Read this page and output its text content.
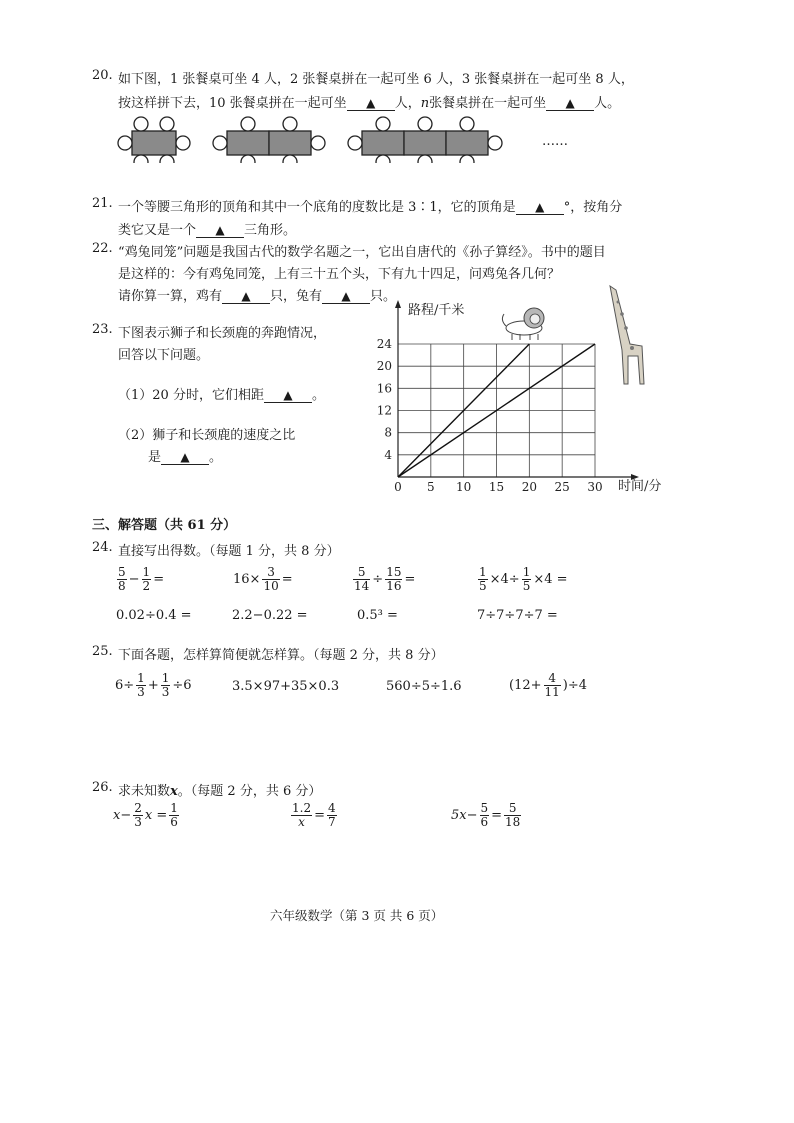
20. 如下图，1 张餐桌可坐 4 人，2 张餐桌拼在一起可坐 6 人，3 张餐桌拼在一起可坐 8 人，
按这样拼下去，10 张餐桌拼在一起可坐 ▲ 人，n张餐桌拼在一起可坐 ▲ 人。
……
21. 一个等腰三角形的顶角和其中一个底角的度数比是 3∶1，它的顶角是 ▲ °，按角分
类它又是一个 ▲ 三角形。
22. “鸡兔同笼”问题是我国古代的数学名题之一，它出自唐代的《孙子算经》。书中的题目
是这样的：今有鸡兔同笼，上有三十五个头，下有九十四足，问鸡兔各几何？
请你算一算，鸡有 ▲ 只，兔有 ▲ 只。
23. 下图表示狮子和长颈鹿的奔跑情况，
回答以下问题。
（1）20 分时，它们相距 ▲ 。
（2）狮子和长颈鹿的速度之比
是 ▲ 。
0 5 10 15 20 25 30
4
8
12
16
20
24
路程/千米
时间/分
三、解答题（共 61 分）
24. 直接写出得数。（每题 1 分，共 8 分）
$\frac{5}{8} - \frac{1}{2}$ =	$16\times \frac{3}{10}$ =	$\frac{5}{14} \div \frac{15}{16}$ =	$\frac{1}{5} \times 4\div \frac{1}{5} \times 4$ =
0.02÷0.4 =	2.2−0.22 =	0.5³ =	7÷7÷7÷7 =
25. 下面各题，怎样算简便就怎样算。（每题 2 分，共 8 分）
$6\div \frac{1}{3} + \frac{1}{3} \div 6$	3.5×97+35×0.3	560÷5÷1.6	$(12+ \frac{4}{11} )\div 4$
26. 求未知数x。（每题 2 分，共 6 分）
$x- \frac{2}{3}$ $x = \frac{1}{6}$	$\frac{1.2}{x} = \frac{4}{7}$	$5x- \frac{5}{6} = \frac{5}{18}$
六年级数学（第 3 页 共 6 页）
